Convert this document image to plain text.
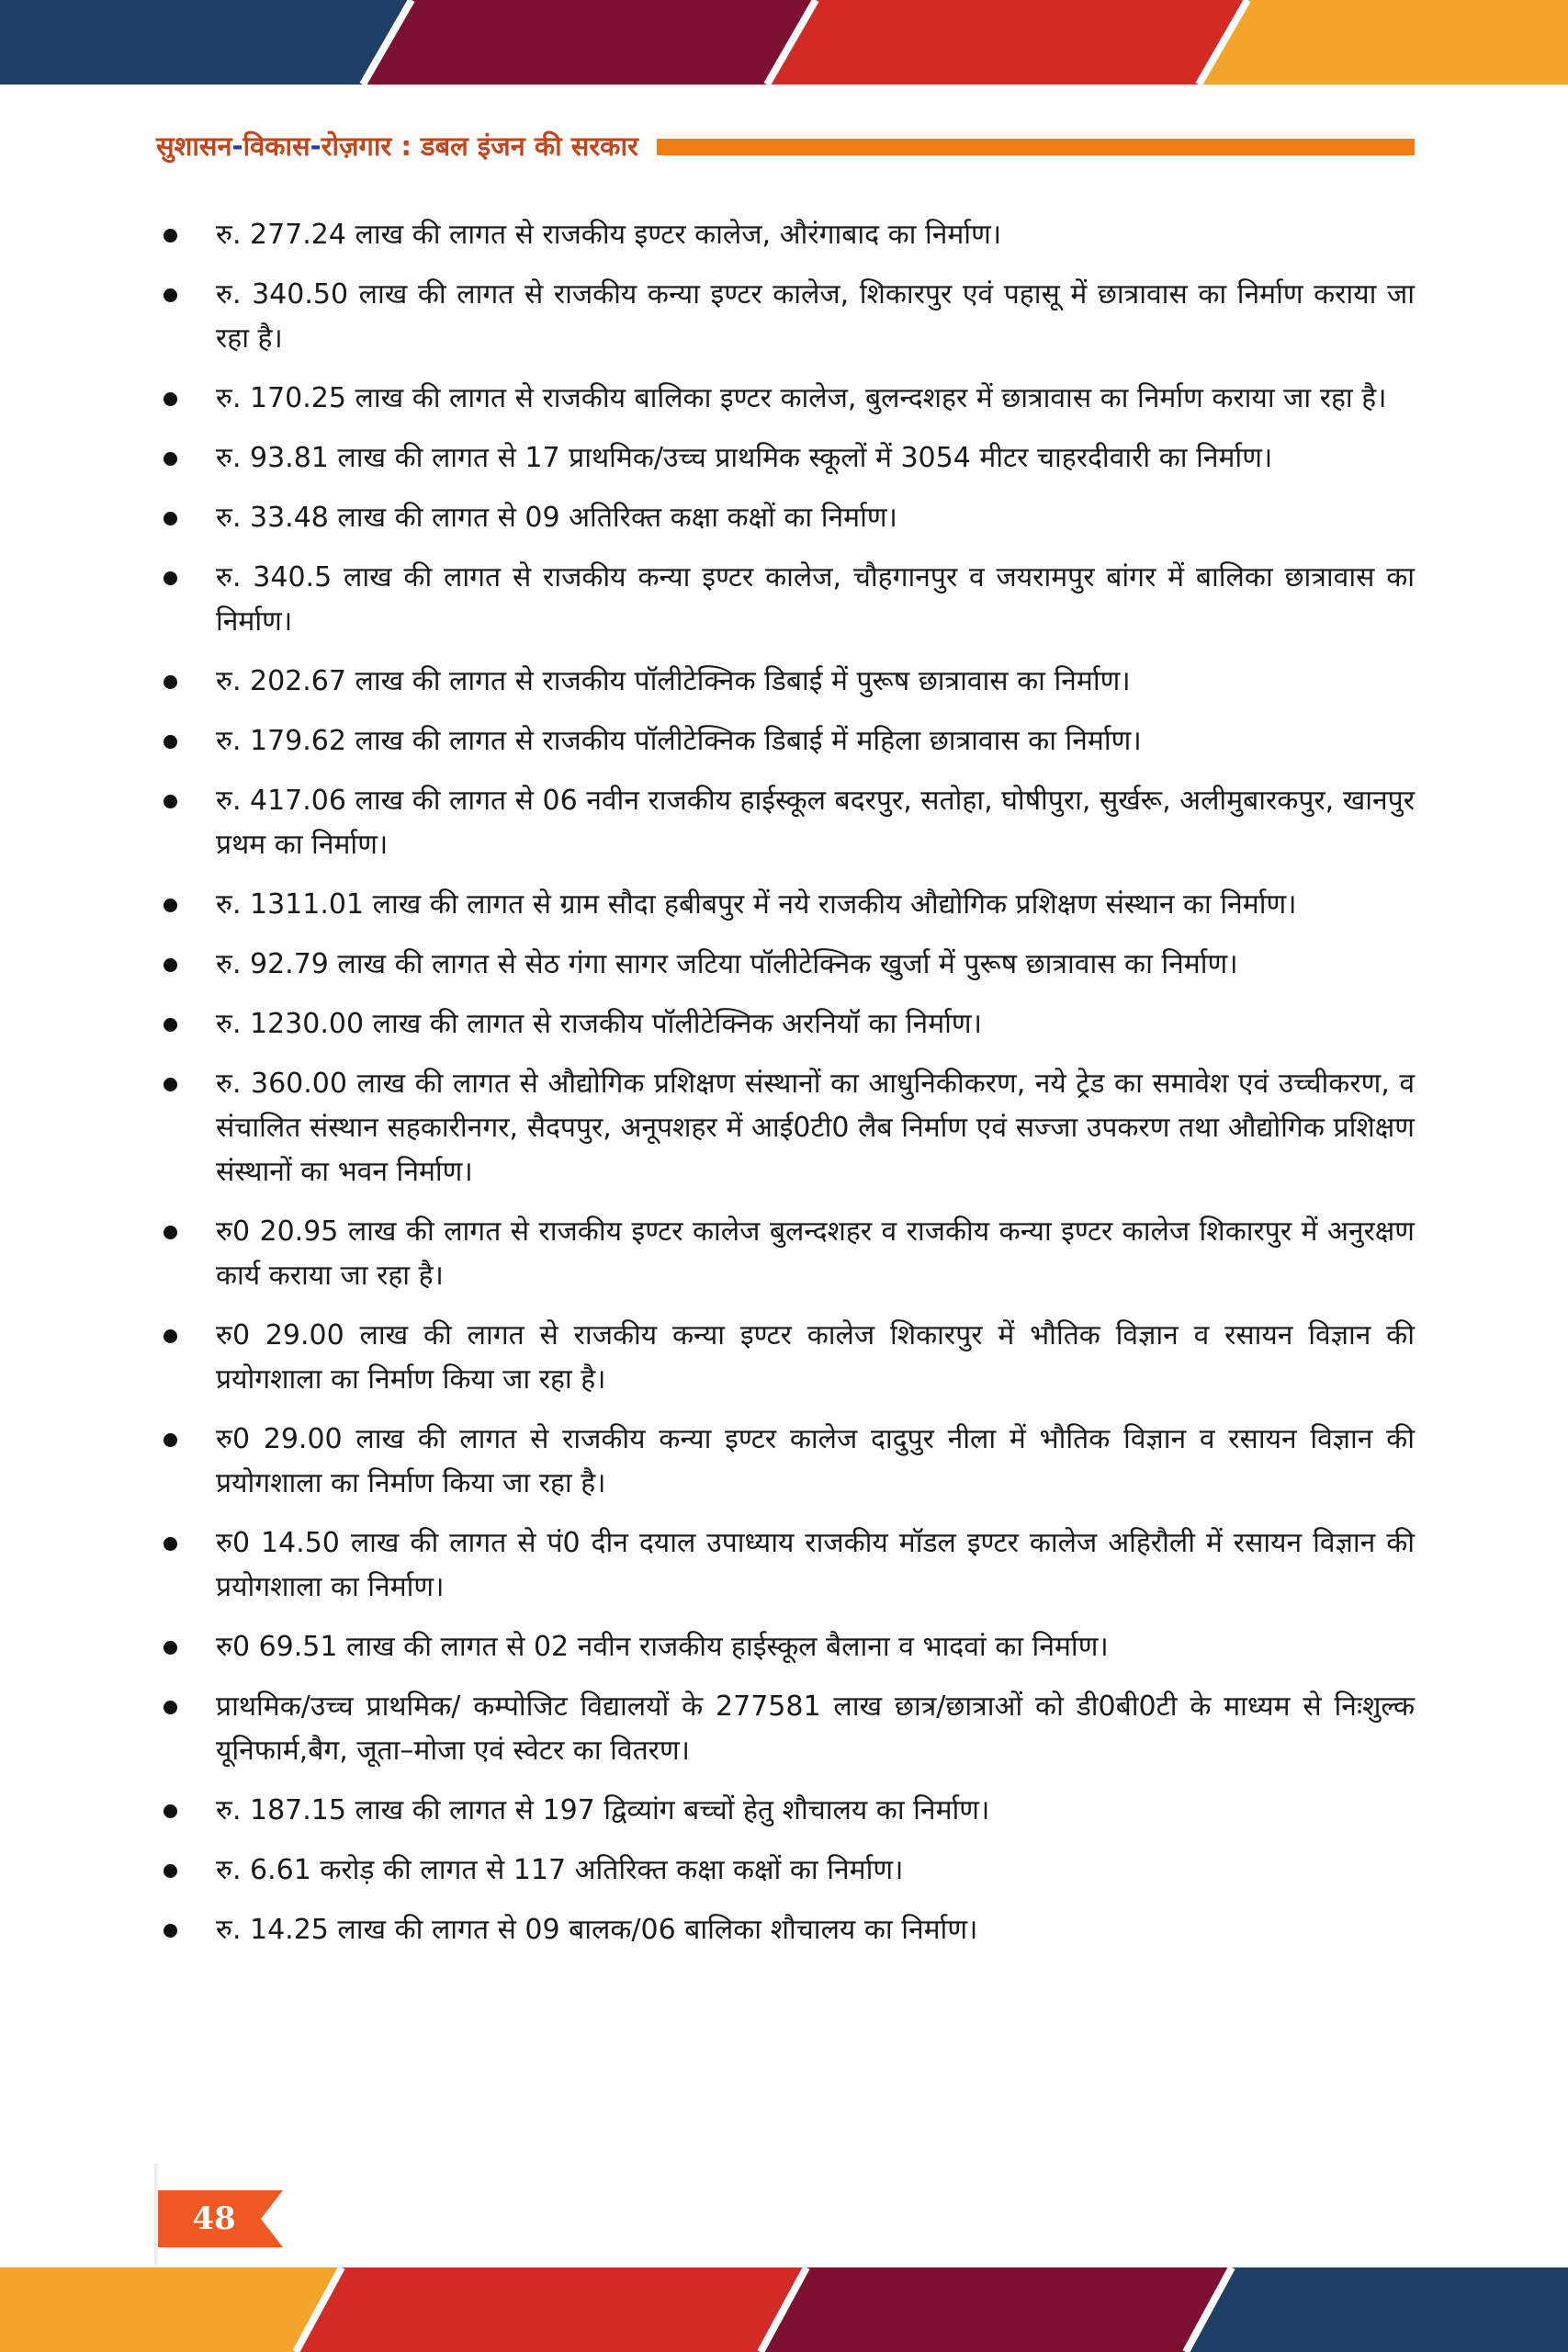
सुशासन-विकास-रोज़गार : डबल इंजन की सरकार
रु. 277.24 लाख की लागत से राजकीय इण्टर कालेज, औरंगाबाद का निर्माण।
रु. 340.50 लाख की लागत से राजकीय कन्या इण्टर कालेज, शिकारपुर एवं पहासू में छात्रावास का निर्माण कराया जा रहा है।
रु. 170.25 लाख की लागत से राजकीय बालिका इण्टर कालेज, बुलन्दशहर में छात्रावास का निर्माण कराया जा रहा है।
रु. 93.81 लाख की लागत से 17 प्राथमिक/उच्च प्राथमिक स्कूलों में 3054 मीटर चाहरदीवारी का निर्माण।
रु. 33.48 लाख की लागत से 09 अतिरिक्त कक्षा कक्षों का निर्माण।
रु. 340.5 लाख की लागत से राजकीय कन्या इण्टर कालेज, चौहगानपुर व जयरामपुर बांगर में बालिका छात्रावास का निर्माण।
रु. 202.67 लाख की लागत से राजकीय पॉलीटेक्निक डिबाई में पुरूष छात्रावास का निर्माण।
रु. 179.62 लाख की लागत से राजकीय पॉलीटेक्निक डिबाई में महिला छात्रावास का निर्माण।
रु. 417.06 लाख की लागत से 06 नवीन राजकीय हाईस्कूल बदरपुर, सतोहा, घोषीपुरा, सुर्खरू, अलीमुबारकपुर, खानपुर प्रथम का निर्माण।
रु. 1311.01 लाख की लागत से ग्राम सौदा हबीबपुर में नये राजकीय औद्योगिक प्रशिक्षण संस्थान का निर्माण।
रु. 92.79 लाख की लागत से सेठ गंगा सागर जटिया पॉलीटेक्निक खुर्जा में पुरूष छात्रावास का निर्माण।
रु. 1230.00 लाख की लागत से राजकीय पॉलीटेक्निक अरनियॉ का निर्माण।
रु. 360.00 लाख की लागत से औद्योगिक प्रशिक्षण संस्थानों का आधुनिकीकरण, नये ट्रेड का समावेश एवं उच्चीकरण, व संचालित संस्थान सहकारीनगर, सैदपपुर, अनूपशहर में आई0टी0 लैब निर्माण एवं सज्जा उपकरण तथा औद्योगिक प्रशिक्षण संस्थानों का भवन निर्माण।
रु0 20.95 लाख की लागत से राजकीय इण्टर कालेज बुलन्दशहर व राजकीय कन्या इण्टर कालेज शिकारपुर में अनुरक्षण कार्य कराया जा रहा है।
रु0 29.00 लाख की लागत से राजकीय कन्या इण्टर कालेज शिकारपुर में भौतिक विज्ञान व रसायन विज्ञान की प्रयोगशाला का निर्माण किया जा रहा है।
रु0 29.00 लाख की लागत से राजकीय कन्या इण्टर कालेज दादुपुर नीला में भौतिक विज्ञान व रसायन विज्ञान की प्रयोगशाला का निर्माण किया जा रहा है।
रु0 14.50 लाख की लागत से पं0 दीन दयाल उपाध्याय राजकीय मॉडल इण्टर कालेज अहिरौली में रसायन विज्ञान की प्रयोगशाला का निर्माण।
रु0 69.51 लाख की लागत से 02 नवीन राजकीय हाईस्कूल बैलाना व भादवां का निर्माण।
प्राथमिक/उच्च प्राथमिक/ कम्पोजिट विद्यालयों के 277581 लाख छात्र/छात्राओं को डी0बी0टी के माध्यम से निःशुल्क यूनिफार्म,बैग, जूता–मोजा एवं स्वेटर का वितरण।
रु. 187.15 लाख की लागत से 197 द्विव्यांग बच्चों हेतु शौचालय का निर्माण।
रु. 6.61 करोड़ की लागत से 117 अतिरिक्त कक्षा कक्षों का निर्माण।
रु. 14.25 लाख की लागत से 09 बालक/06 बालिका शौचालय का निर्माण।
48
